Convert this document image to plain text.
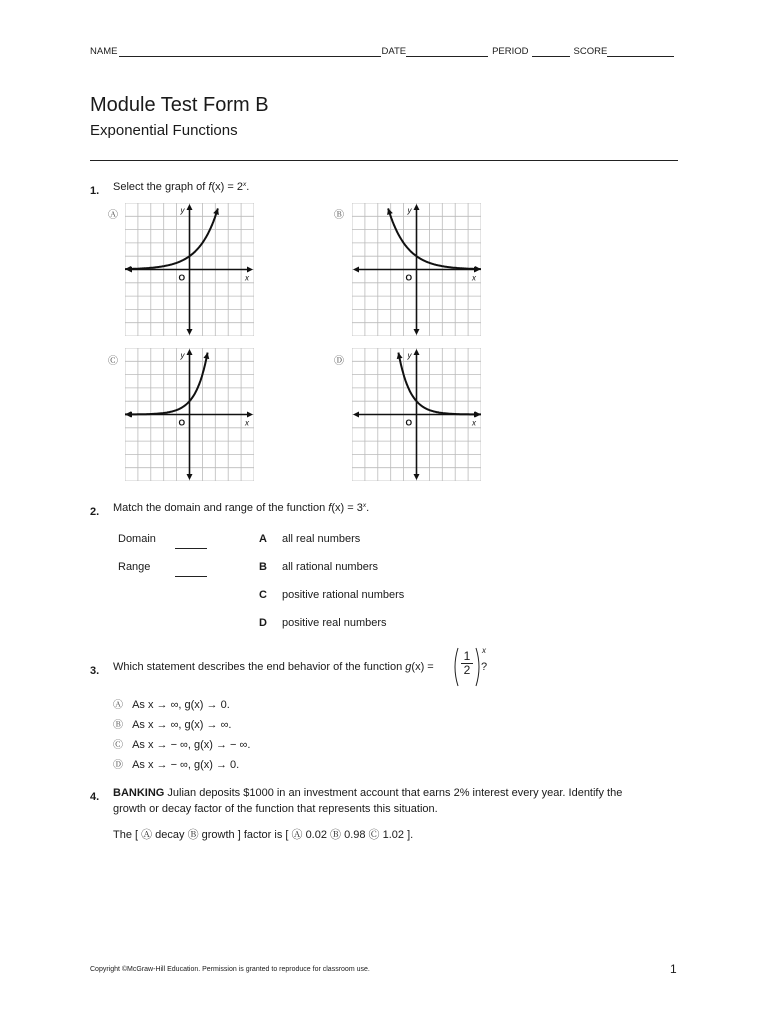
NAME	DATE	PERIOD	SCORE
Module Test Form B
Exponential Functions
1. Select the graph of $f(x) = 2^x$.
Ⓐ	Ⓑ
Ⓒ	Ⓓ
y
x
O
y
x
O
y
x
O
y
x
O
2. Match the domain and range of the function $f(x) = 3^x$.
Domain
Range
A all real numbers
B all rational numbers
C positive rational numbers
D positive real numbers
3. Which statement describes the end behavior of the function g(x) =
1
2
x
?
Ⓐ As x → ∞, g(x) → 0.
Ⓑ As x → ∞, g(x) → ∞.
Ⓒ As x → − ∞, g(x) → − ∞.
Ⓓ As x → − ∞, g(x) → 0.
4. BANKING Julian deposits $1000 in an investment account that earns 2% interest every year. Identify the
growth or decay factor of the function that represents this situation.
The [ Ⓐ decay Ⓑ growth ] factor is [ Ⓐ 0.02 Ⓑ 0.98 Ⓒ 1.02 ].
Copyright ©McGraw-Hill Education. Permission is granted to reproduce for classroom use.	1
